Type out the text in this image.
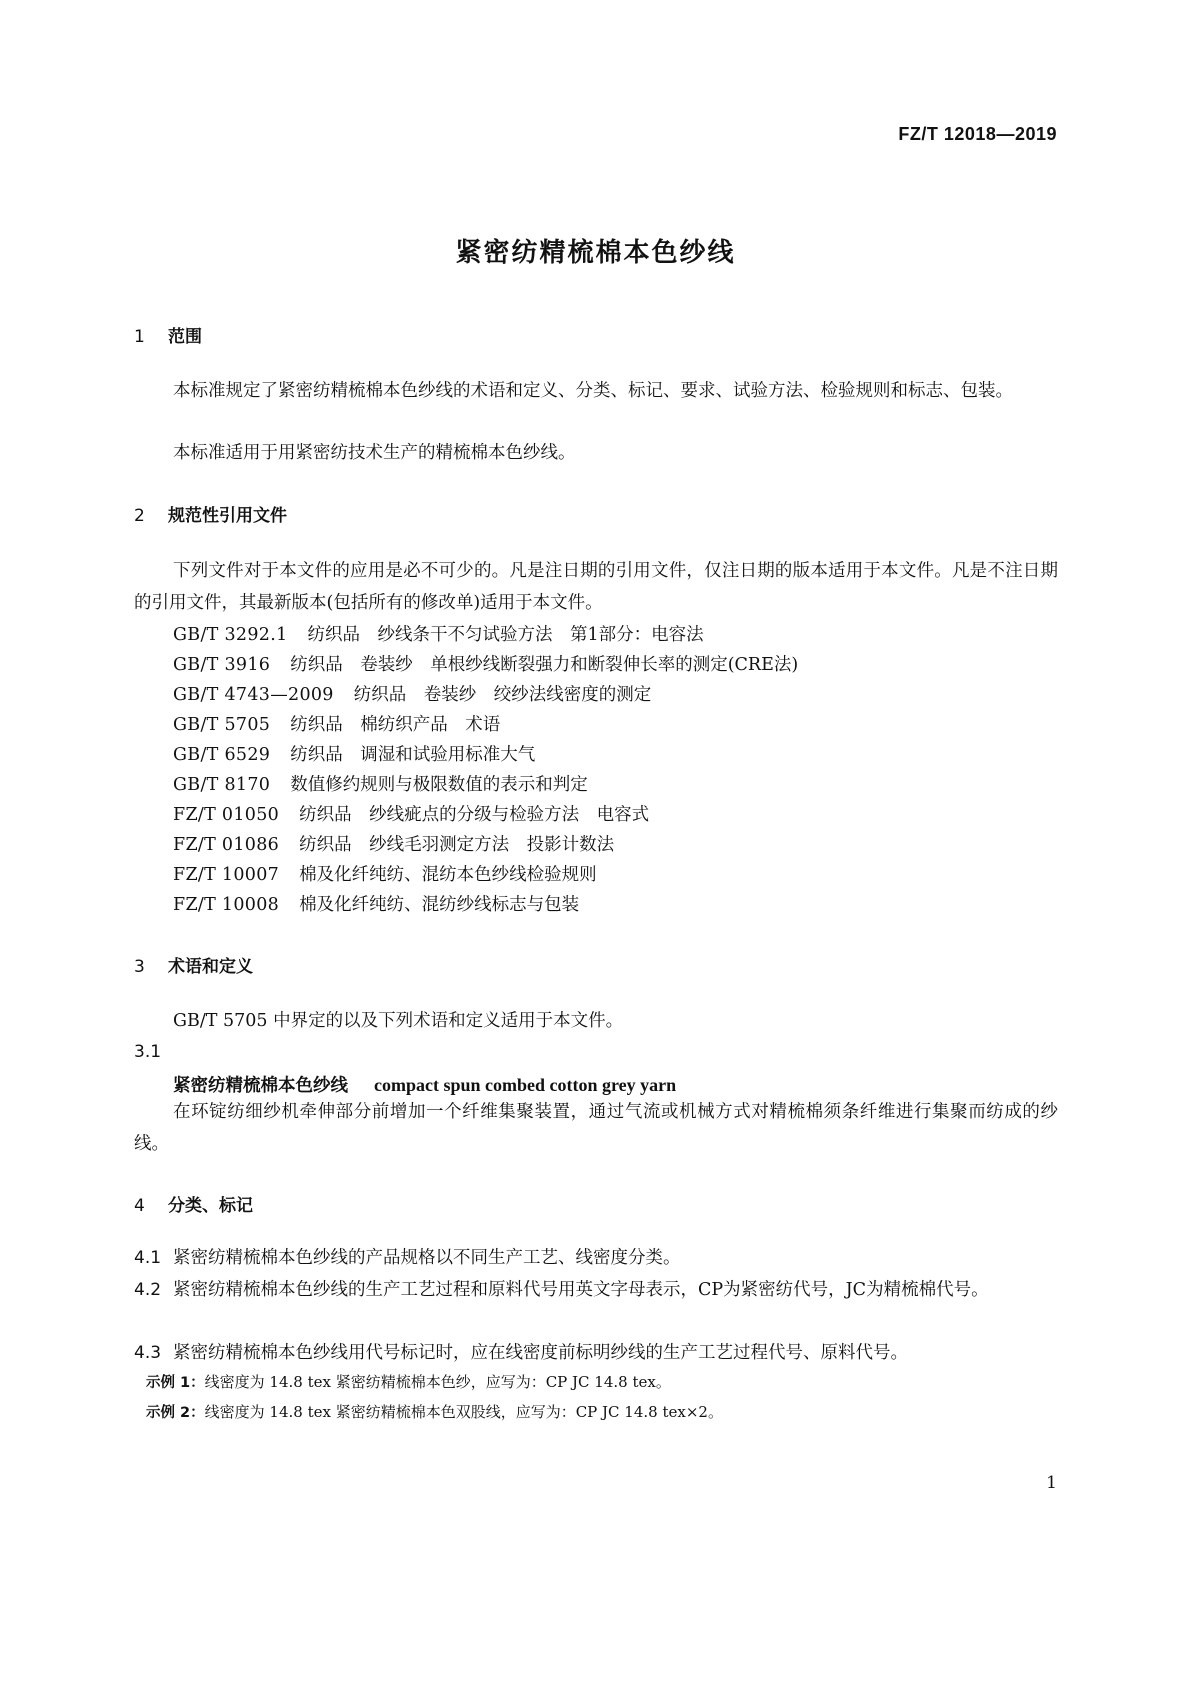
FZ/T 12018—2019
紧密纺精梳棉本色纱线
1 范围
本标准规定了紧密纺精梳棉本色纱线的术语和定义、分类、标记、要求、试验方法、检验规则和标志、包装。
本标准适用于用紧密纺技术生产的精梳棉本色纱线。
2 规范性引用文件
下列文件对于本文件的应用是必不可少的。凡是注日期的引用文件，仅注日期的版本适用于本文件。凡是不注日期的引用文件，其最新版本(包括所有的修改单)适用于本文件。
GB/T 3292.1 纺织品　纱线条干不匀试验方法　第1部分：电容法
GB/T 3916 纺织品　卷装纱　单根纱线断裂强力和断裂伸长率的测定(CRE法)
GB/T 4743—2009 纺织品　卷装纱　绞纱法线密度的测定
GB/T 5705 纺织品　棉纺织产品　术语
GB/T 6529 纺织品　调湿和试验用标准大气
GB/T 8170 数值修约规则与极限数值的表示和判定
FZ/T 01050 纺织品　纱线疵点的分级与检验方法　电容式
FZ/T 01086 纺织品　纱线毛羽测定方法　投影计数法
FZ/T 10007 棉及化纤纯纺、混纺本色纱线检验规则
FZ/T 10008 棉及化纤纯纺、混纺纱线标志与包装
3 术语和定义
GB/T 5705 中界定的以及下列术语和定义适用于本文件。
3.1
紧密纺精梳棉本色纱线 compact spun combed cotton grey yarn
在环锭纺细纱机牵伸部分前增加一个纤维集聚装置，通过气流或机械方式对精梳棉须条纤维进行集聚而纺成的纱线。
4 分类、标记
4.1 紧密纺精梳棉本色纱线的产品规格以不同生产工艺、线密度分类。
4.2 紧密纺精梳棉本色纱线的生产工艺过程和原料代号用英文字母表示，CP为紧密纺代号，JC为精梳棉代号。
4.3 紧密纺精梳棉本色纱线用代号标记时，应在线密度前标明纱线的生产工艺过程代号、原料代号。
示例 1：线密度为 14.8 tex 紧密纺精梳棉本色纱，应写为：CP JC 14.8 tex。
示例 2：线密度为 14.8 tex 紧密纺精梳棉本色双股线，应写为：CP JC 14.8 tex×2。
1
